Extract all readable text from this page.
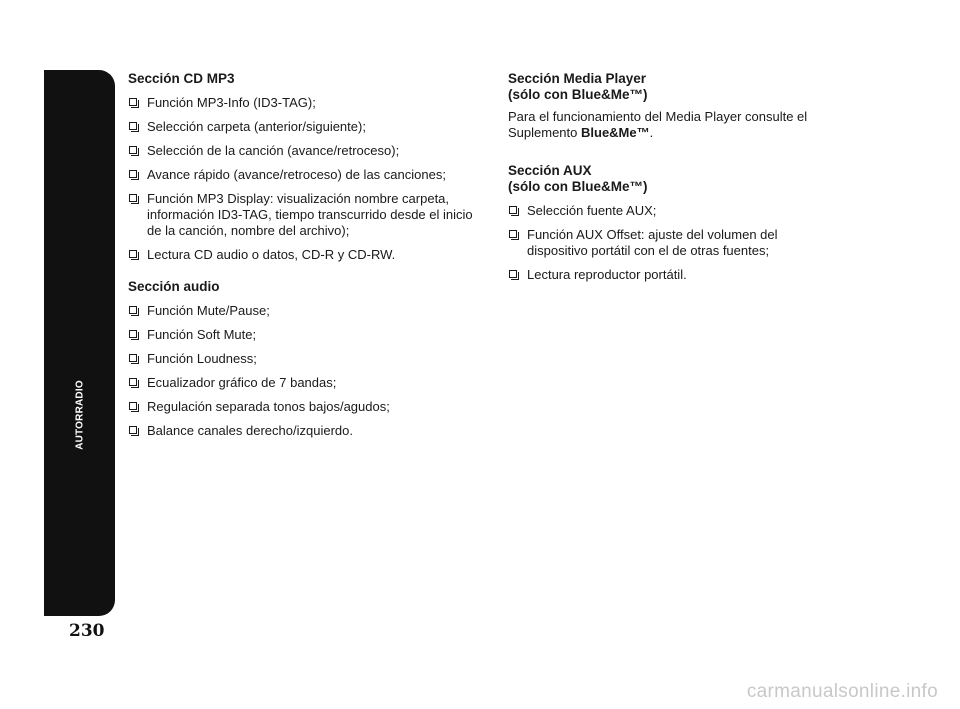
AUTORRADIO
230

Sección CD MP3

Función MP3-Info (ID3-TAG);
Selección carpeta (anterior/siguiente);
Selección de la canción (avance/retroceso);
Avance rápido (avance/retroceso) de las canciones;
Función MP3 Display: visualización nombre carpeta, información ID3-TAG, tiempo transcurrido desde el inicio de la canción, nombre del archivo);
Lectura CD audio o datos, CD-R y CD-RW.

Sección audio

Función Mute/Pause;
Función Soft Mute;
Función Loudness;
Ecualizador gráfico de 7 bandas;
Regulación separada tonos bajos/agudos;
Balance canales derecho/izquierdo.

Sección Media Player

(sólo con Blue&Me™)

Para el funcionamiento del Media Player consulte el Suplemento Blue&Me™.

Sección AUX

(sólo con Blue&Me™)

Selección fuente AUX;
Función AUX Offset: ajuste del volumen del dispositivo portátil con el de otras fuentes;
Lectura reproductor portátil.
carmanualsonline.info
